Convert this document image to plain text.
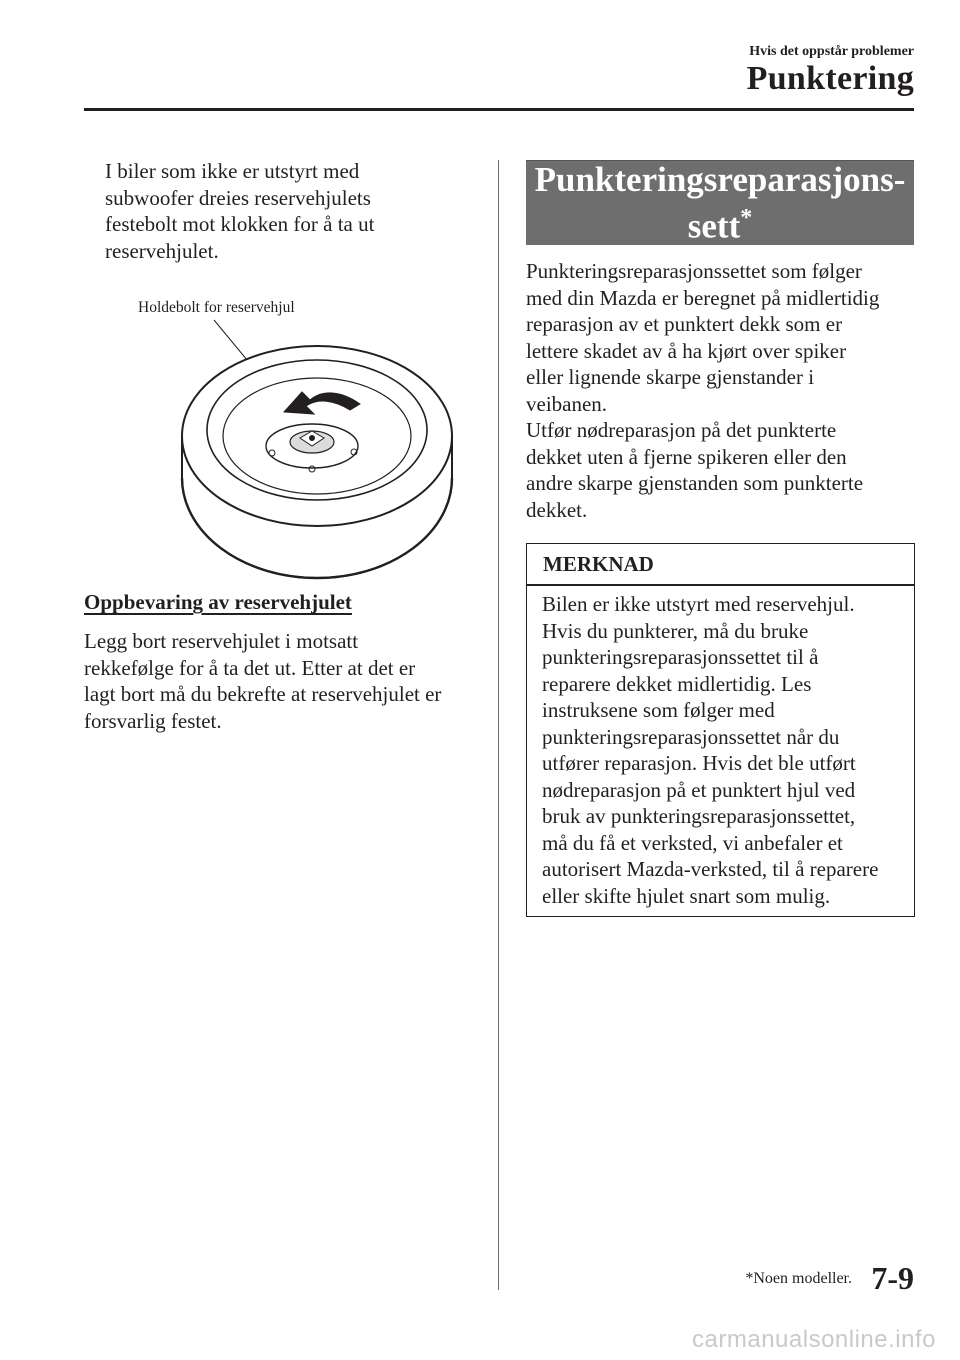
Hvis det oppstår problemer
Punktering
I biler som ikke er utstyrt med
subwoofer dreies reservehjulets
festebolt mot klokken for å ta ut
reservehjulet.
Holdebolt for reservehjul
Oppbevaring av reservehjulet
Legg bort reservehjulet i motsatt
rekkefølge for å ta det ut. Etter at det er
lagt bort må du bekrefte at reservehjulet er
forsvarlig festet.
Punkteringsreparasjons-
sett*
Punkteringsreparasjonssettet som følger
med din Mazda er beregnet på midlertidig
reparasjon av et punktert dekk som er
lettere skadet av å ha kjørt over spiker
eller lignende skarpe gjenstander i
veibanen.
Utfør nødreparasjon på det punkterte
dekket uten å fjerne spikeren eller den
andre skarpe gjenstanden som punkterte
dekket.
MERKNAD
Bilen er ikke utstyrt med reservehjul.
Hvis du punkterer, må du bruke
punkteringsreparasjonssettet til å
reparere dekket midlertidig. Les
instruksene som følger med
punkteringsreparasjonssettet når du
utfører reparasjon. Hvis det ble utført
nødreparasjon på et punktert hjul ved
bruk av punkteringsreparasjonssettet,
må du få et verksted, vi anbefaler et
autorisert Mazda-verksted, til å reparere
eller skifte hjulet snart som mulig.
*Noen modeller. 7-9
carmanualsonline.info
